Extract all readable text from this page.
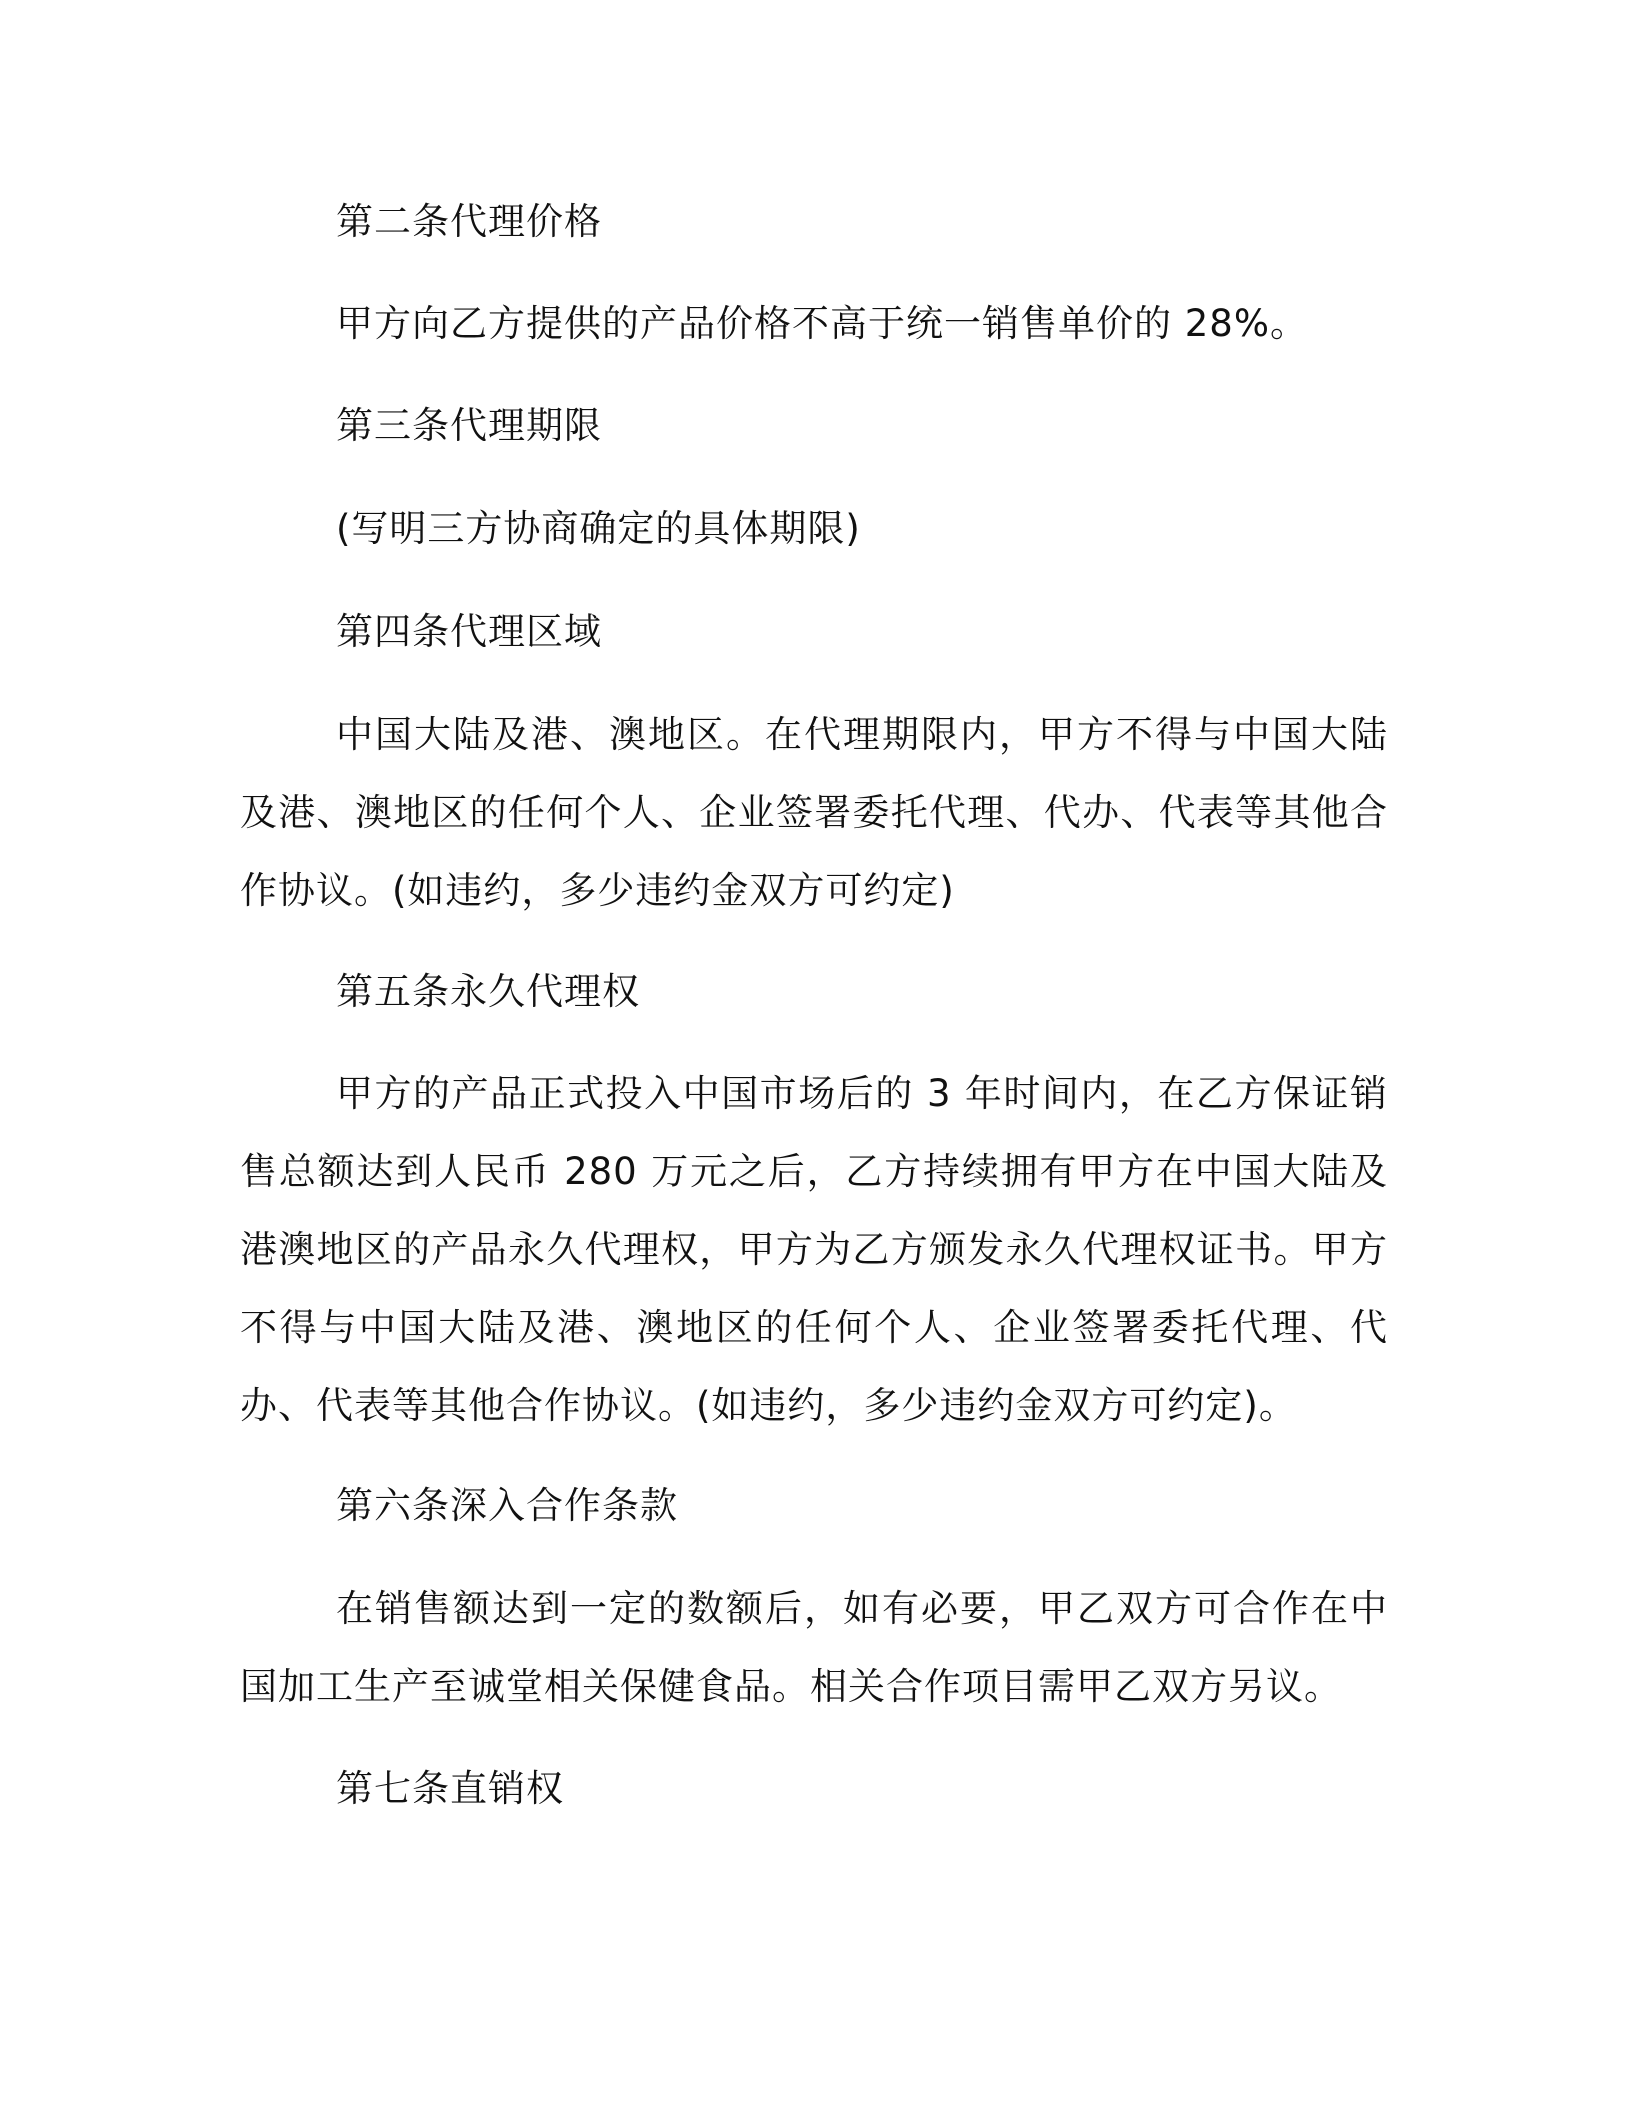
第二条代理价格

甲方向乙方提供的产品价格不高于统一销售单价的 28%。

第三条代理期限

(写明三方协商确定的具体期限)

第四条代理区域

中国大陆及港、澳地区。在代理期限内，甲方不得与中国大陆及港、澳地区的任何个人、企业签署委托代理、代办、代表等其他合作协议。(如违约，多少违约金双方可约定)

第五条永久代理权

甲方的产品正式投入中国市场后的 3 年时间内，在乙方保证销售总额达到人民币 280 万元之后，乙方持续拥有甲方在中国大陆及港澳地区的产品永久代理权，甲方为乙方颁发永久代理权证书。甲方不得与中国大陆及港、澳地区的任何个人、企业签署委托代理、代办、代表等其他合作协议。(如违约，多少违约金双方可约定)。

第六条深入合作条款

在销售额达到一定的数额后，如有必要，甲乙双方可合作在中国加工生产至诚堂相关保健食品。相关合作项目需甲乙双方另议。

第七条直销权
